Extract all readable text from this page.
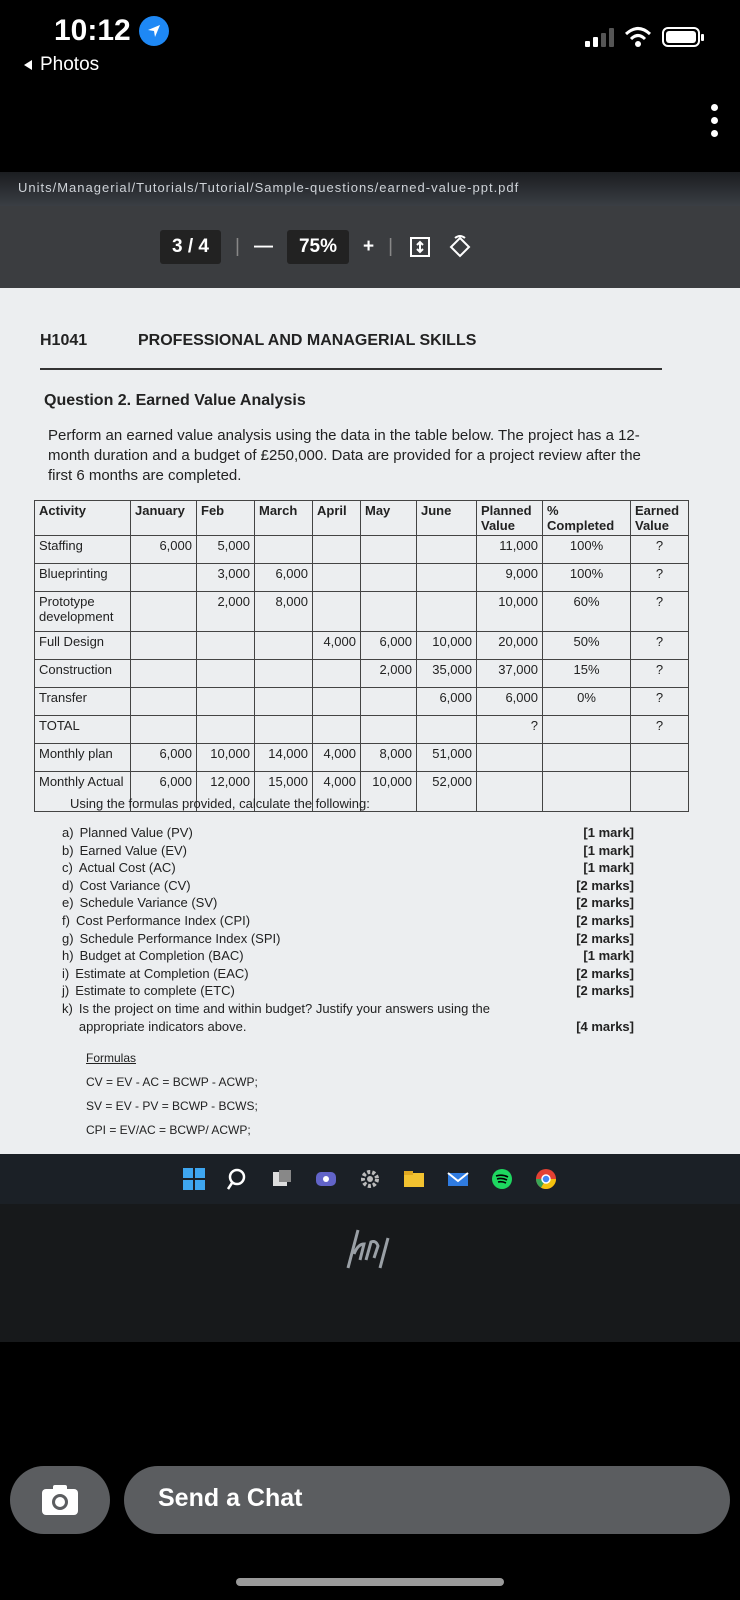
10:12
Photos
Units/Managerial/Tutorials/Tutorial/Sample-questions/earned-value-ppt.pdf
3 / 4	| —	75%	+ |
H1041	PROFESSIONAL AND MANAGERIAL SKILLS
Question 2. Earned Value Analysis
Perform an earned value analysis using the data in the table below. The project has a 12-month duration and a budget of £250,000. Data are provided for a project review after the first 6 months are completed.
Activity	January	Feb	March	April	May	June	Planned Value	% Completed	Earned Value
Staffing	6,000	5,000					11,000	100%	?
Blueprinting		3,000	6,000				9,000	100%	?
Prototype development		2,000	8,000				10,000	60%	?
Full Design				4,000	6,000	10,000	20,000	50%	?
Construction					2,000	35,000	37,000	15%	?
Transfer						6,000	6,000	0%	?
TOTAL							?		?
Monthly plan	6,000	10,000	14,000	4,000	8,000	51,000			
Monthly Actual	6,000	12,000	15,000	4,000	10,000	52,000			
Using the formulas provided, calculate the following:
a) Planned Value (PV)	[1 mark]
b) Earned Value (EV)	[1 mark]
c) Actual Cost (AC)	[1 mark]
d) Cost Variance (CV)	[2 marks]
e) Schedule Variance (SV)	[2 marks]
f) Cost Performance Index (CPI)	[2 marks]
g) Schedule Performance Index (SPI)	[2 marks]
h) Budget at Completion (BAC)	[1 mark]
i) Estimate at Completion (EAC)	[2 marks]
j) Estimate to complete (ETC)	[2 marks]
k) Is the project on time and within budget? Justify your answers using the appropriate indicators above.	[4 marks]
Formulas
CV = EV - AC = BCWP - ACWP;
SV = EV - PV = BCWP - BCWS;
CPI = EV/AC = BCWP/ ACWP;
Send a Chat
